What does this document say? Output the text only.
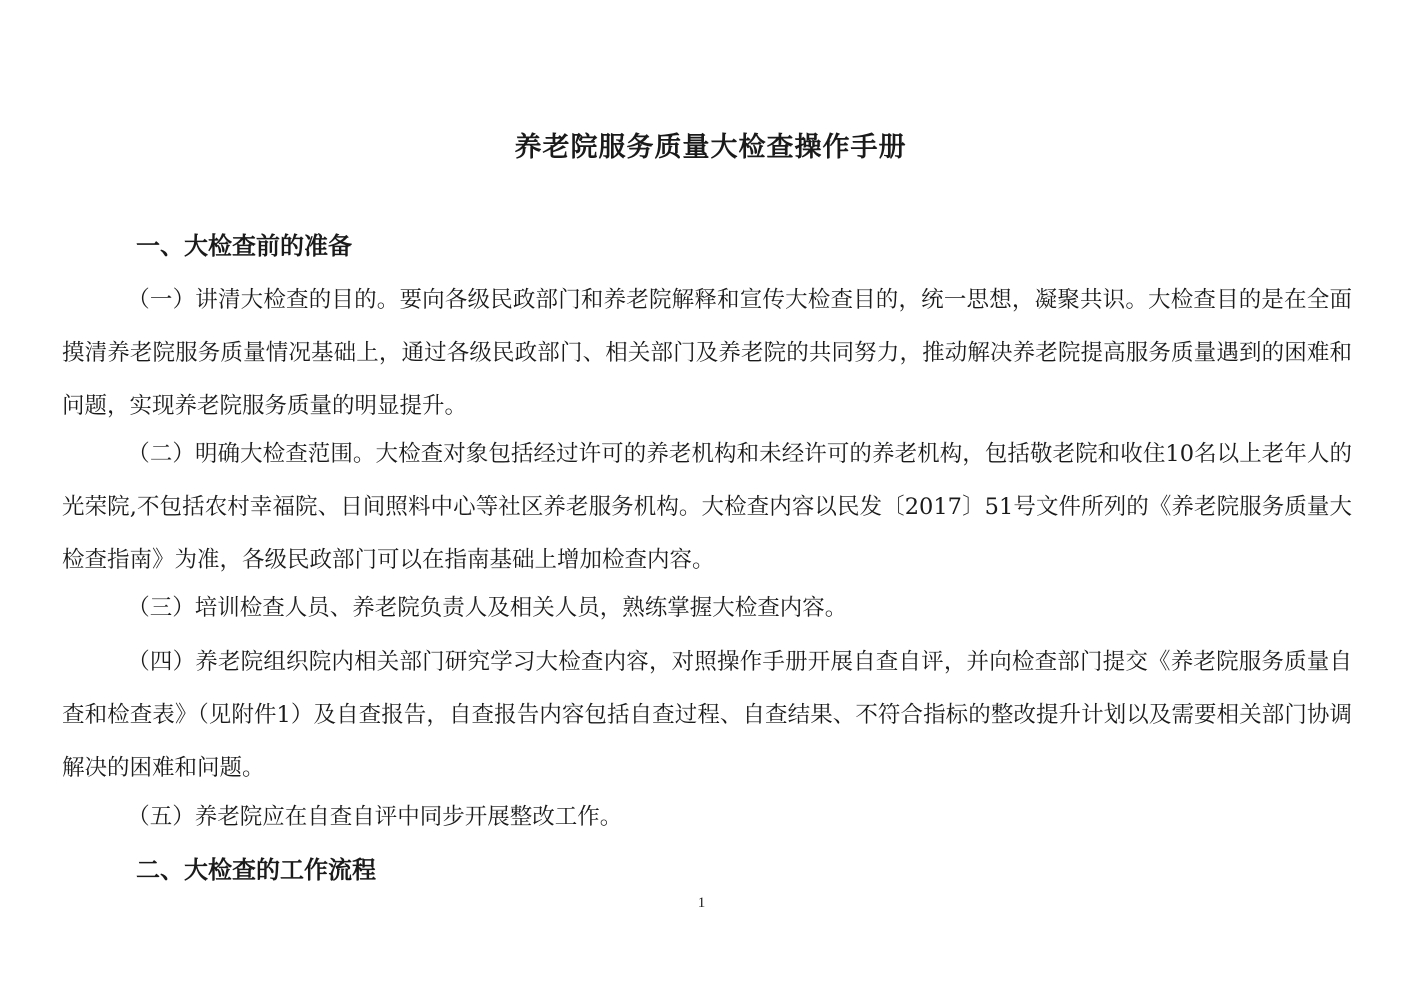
养老院服务质量大检查操作手册
一、大检查前的准备

（一）讲清大检查的目的。要向各级民政部门和养老院解释和宣传大检查目的，统一思想，凝聚共识。大检查目的是在全面摸清养老院服务质量情况基础上，通过各级民政部门、相关部门及养老院的共同努力，推动解决养老院提高服务质量遇到的困难和问题，实现养老院服务质量的明显提升。

（二）明确大检查范围。大检查对象包括经过许可的养老机构和未经许可的养老机构，包括敬老院和收住10名以上老年人的光荣院,不包括农村幸福院、日间照料中心等社区养老服务机构。大检查内容以民发〔2017〕51号文件所列的《养老院服务质量大检查指南》为准，各级民政部门可以在指南基础上增加检查内容。

（三）培训检查人员、养老院负责人及相关人员，熟练掌握大检查内容。

（四）养老院组织院内相关部门研究学习大检查内容，对照操作手册开展自查自评，并向检查部门提交《养老院服务质量自查和检查表》（见附件1）及自查报告，自查报告内容包括自查过程、自查结果、不符合指标的整改提升计划以及需要相关部门协调解决的困难和问题。

（五）养老院应在自查自评中同步开展整改工作。

二、大检查的工作流程
1
